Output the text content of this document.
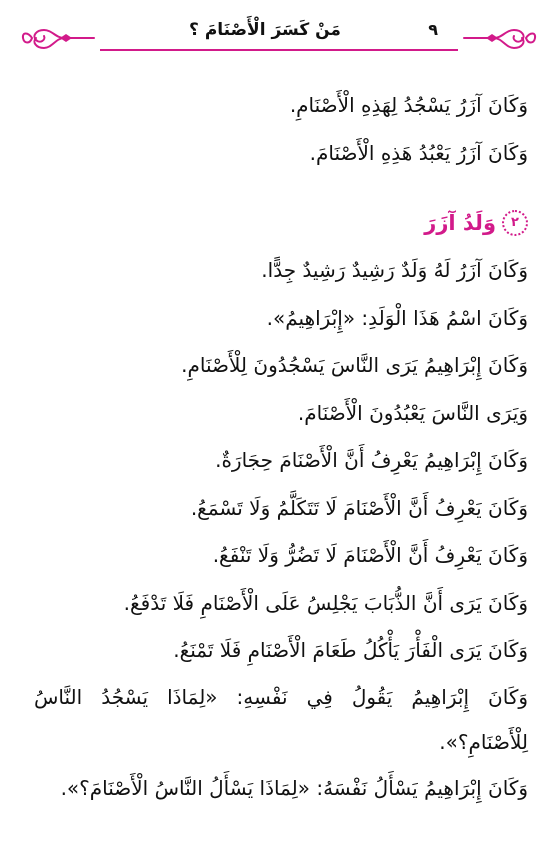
٩
مَنْ كَسَرَ الْأَصْنَامَ ؟

وَكَانَ آزَرُ يَسْجُدُ لِهَذِهِ الْأَصْنَامِ.

وَكَانَ آزَرُ يَعْبُدُ هَذِهِ الْأَصْنَامَ.

٢
وَلَدُ آزَرَ

وَكَانَ آزَرُ لَهُ وَلَدٌ رَشِيدٌ رَشِيدٌ جِدًّا.

وَكَانَ اسْمُ هَذَا الْوَلَدِ: «إِبْرَاهِيمُ».

وَكَانَ إِبْرَاهِيمُ يَرَى النَّاسَ يَسْجُدُونَ لِلْأَصْنَامِ.

وَيَرَى النَّاسَ يَعْبُدُونَ الْأَصْنَامَ.

وَكَانَ إِبْرَاهِيمُ يَعْرِفُ أَنَّ الْأَصْنَامَ حِجَارَةٌ.

وَكَانَ يَعْرِفُ أَنَّ الْأَصْنَامَ لَا تَتَكَلَّمُ وَلَا تَسْمَعُ.

وَكَانَ يَعْرِفُ أَنَّ الْأَصْنَامَ لَا تَضُرُّ وَلَا تَنْفَعُ.

وَكَانَ يَرَى أَنَّ الذُّبَابَ يَجْلِسُ عَلَى الْأَصْنَامِ فَلَا تَدْفَعُ.

وَكَانَ يَرَى الْفَأْرَ يَأْكُلُ طَعَامَ الْأَصْنَامِ فَلَا تَمْنَعُ.

وَكَانَ إِبْرَاهِيمُ يَقُولُ فِي نَفْسِهِ: «لِمَاذَا يَسْجُدُ النَّاسُ لِلْأَصْنَامِ؟».

وَكَانَ إِبْرَاهِيمُ يَسْأَلُ نَفْسَهُ: «لِمَاذَا يَسْأَلُ النَّاسُ الْأَصْنَامَ؟».
